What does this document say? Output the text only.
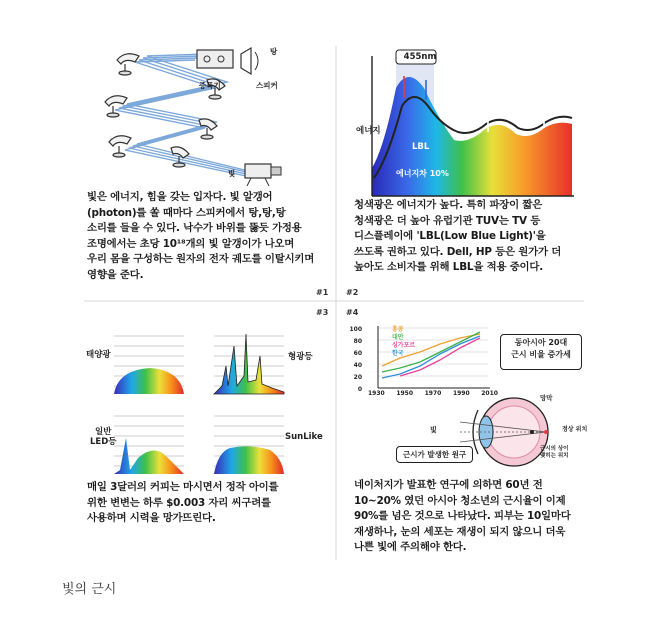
증폭기	스피커
탕
빛
빛은 에너지, 힘을 갖는 입자다. 빛 알갱어
(photon)를 쏠 때마다 스피커에서 탕,탕,탕
소리를 들을 수 있다. 낙수가 바위를 뚫듯 가정용
조명에서는 초당 10¹⁸개의 빛 알갱이가 나오며
우리 몸을 구성하는 원자의 전자 궤도를 이탈시키며
영향을 준다.
#1
455nm
에너지
LBL
에너지차 10%
청색광은 에너지가 높다. 특히 파장이 짧은
청색광은 더 높아 유럽기관 TUV는 TV 등
디스플레이에 'LBL(Low Blue Light)'을
쓰도록 권하고 있다. Dell, HP 등은 원가가 더
높아도 소비자를 위해 LBL을 적용 중이다.
#2
#3
태양광	형광등
일반
LED등	SunLike
매일 3달러의 커피는 마시면서 정작 아이를
위한 변변는 하루 $0.003 자리 씨구려를
사용하며 시력을 망가뜨린다.
#4
100
80
60
40
20
0
1930 1950 1970 1990 2010
홍콩
대만
싱가포르
한국
동아시아 20대
근시 비율 증가세
망막
빛	정상 위치
근시의 상이
맺히는 위치
근시가 발생한 원구
네이처지가 발표한 연구에 의하면 60년 전
10~20% 였던 아시아 청소년의 근시율이 이제
90%를 넘은 것으로 나타났다. 피부는 10일마다
재생하나, 눈의 세포는 재생이 되지 않으니 더욱
나쁜 빛에 주의해야 한다.
빛의 근시
